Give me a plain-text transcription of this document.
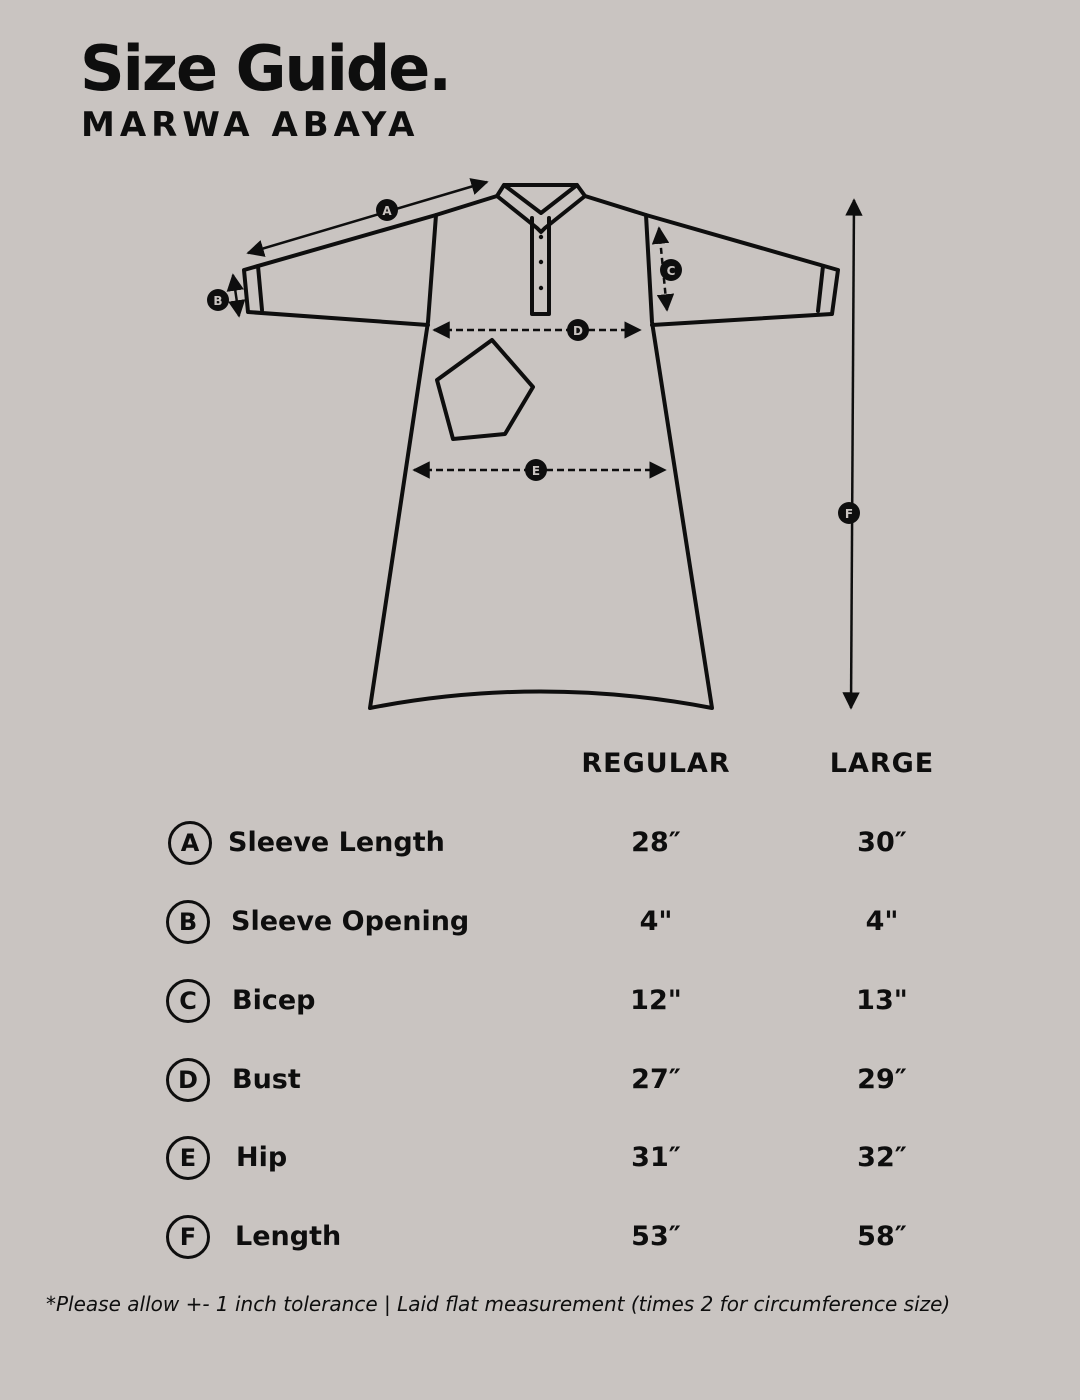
Size Guide.
MARWA ABAYA
A
B
C
D
E
F
REGULAR	LARGE
A	Sleeve Length	28″	30″
B	Sleeve Opening	4"	4"
C	Bicep	12"	13"
D	Bust	27″	29″
E	Hip	31″	32″
F	Length	53″	58″
*Please allow +- 1 inch tolerance | Laid flat measurement (times 2 for circumference size)
